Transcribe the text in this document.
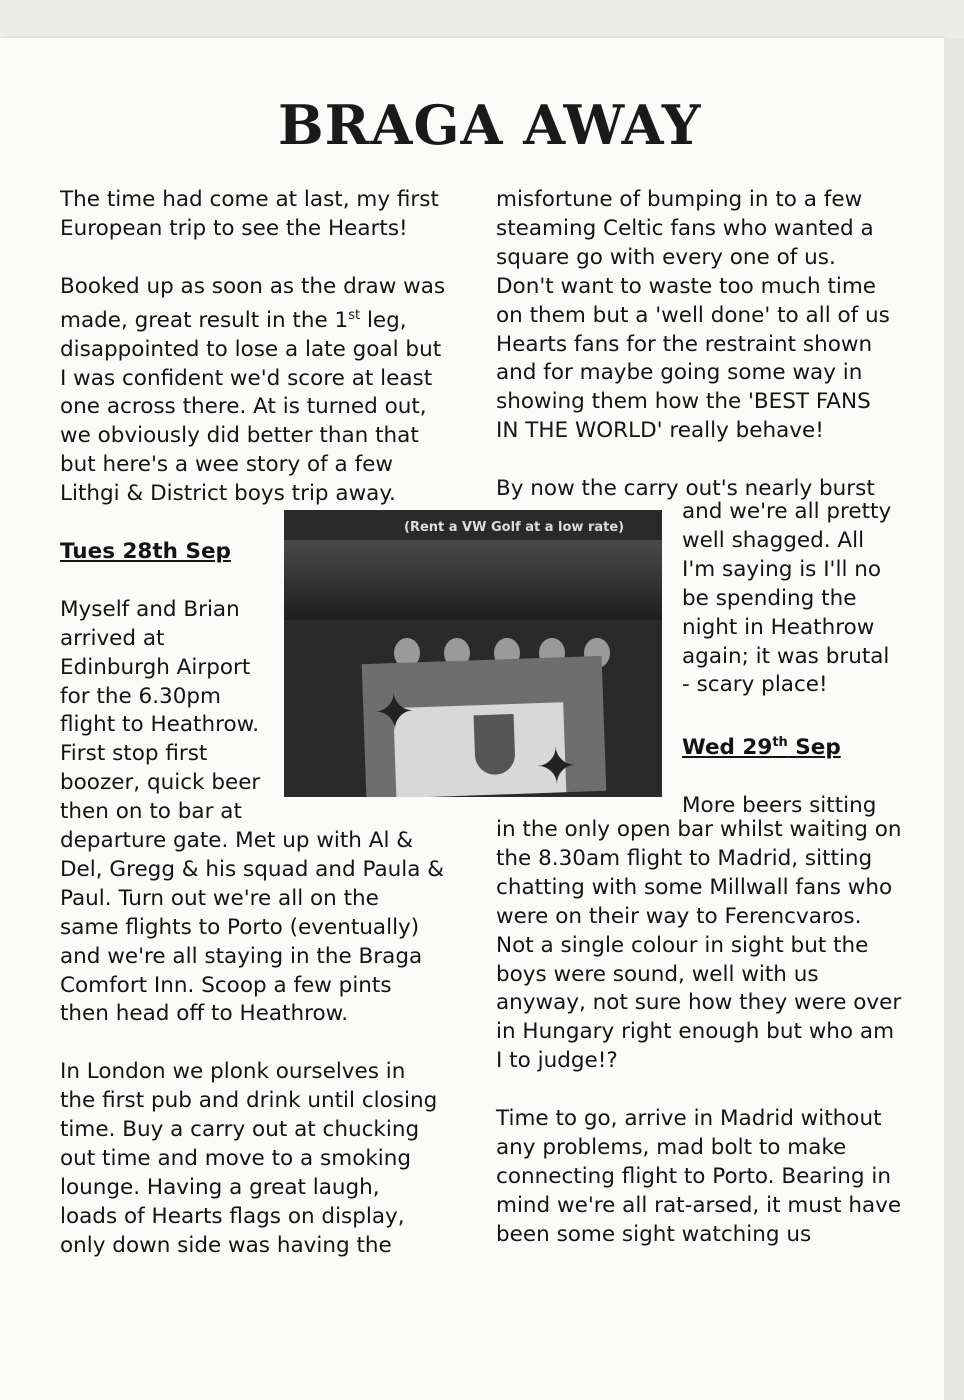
BRAGA AWAY

The time had come at last, my first

European trip to see the Hearts!

Booked up as soon as the draw was

made, great result in the 1st leg,

disappointed to lose a late goal but

I was confident we'd score at least

one across there. At is turned out,

we obviously did better than that

but here's a wee story of a few

Lithgi & District boys trip away.

Tues 28th Sep

Myself and Brian

arrived at

Edinburgh Airport

for the 6.30pm

flight to Heathrow.

First stop first

boozer, quick beer

then on to bar at

departure gate. Met up with Al &

Del, Gregg & his squad and Paula &

Paul. Turn out we're all on the

same flights to Porto (eventually)

and we're all staying in the Braga

Comfort Inn. Scoop a few pints

then head off to Heathrow.

In London we plonk ourselves in

the first pub and drink until closing

time. Buy a carry out at chucking

out time and move to a smoking

lounge. Having a great laugh,

loads of Hearts flags on display,

only down side was having the

(Rent a VW Golf at a low rate)
✦
✦

misfortune of bumping in to a few

steaming Celtic fans who wanted a

square go with every one of us.

Don't want to waste too much time

on them but a 'well done' to all of us

Hearts fans for the restraint shown

and for maybe going some way in

showing them how the 'BEST FANS

IN THE WORLD' really behave!

By now the carry out's nearly burst

and we're all pretty

well shagged. All

I'm saying is I'll no

be spending the

night in Heathrow

again; it was brutal

- scary place!

Wed 29th Sep

More beers sitting

in the only open bar whilst waiting on

the 8.30am flight to Madrid, sitting

chatting with some Millwall fans who

were on their way to Ferencvaros.

Not a single colour in sight but the

boys were sound, well with us

anyway, not sure how they were over

in Hungary right enough but who am

I to judge!?

Time to go, arrive in Madrid without

any problems, mad bolt to make

connecting flight to Porto. Bearing in

mind we're all rat-arsed, it must have

been some sight watching us
